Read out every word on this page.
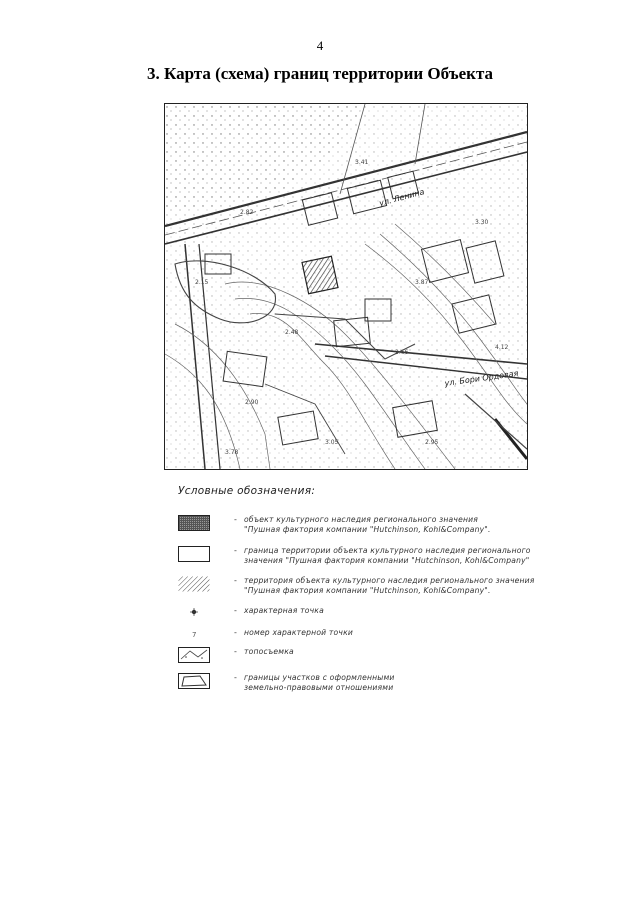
4
3. Карта (схема) границ территории Объекта
ул. Ленина
ул. Бори Ордовая
2.82
2.15
2.48
3.41
3.87
2.90
3.05
2.66
3.30
4.12
3.78
2.95
Условные обозначения:
- объект культурного наследия регионального значения
"Пушная фактория компании "Hutchinson, Kohl&Company".
- граница территории объекта культурного наследия регионального
значения "Пушная фактория компании "Hutchinson, Kohl&Company"
- территория объекта культурного наследия регионального значения
"Пушная фактория компании "Hutchinson, Kohl&Company".
- характерная точка
7	- номер характерной точки
- топосъемка
- границы участков с оформленными
земельно-правовыми отношениями
